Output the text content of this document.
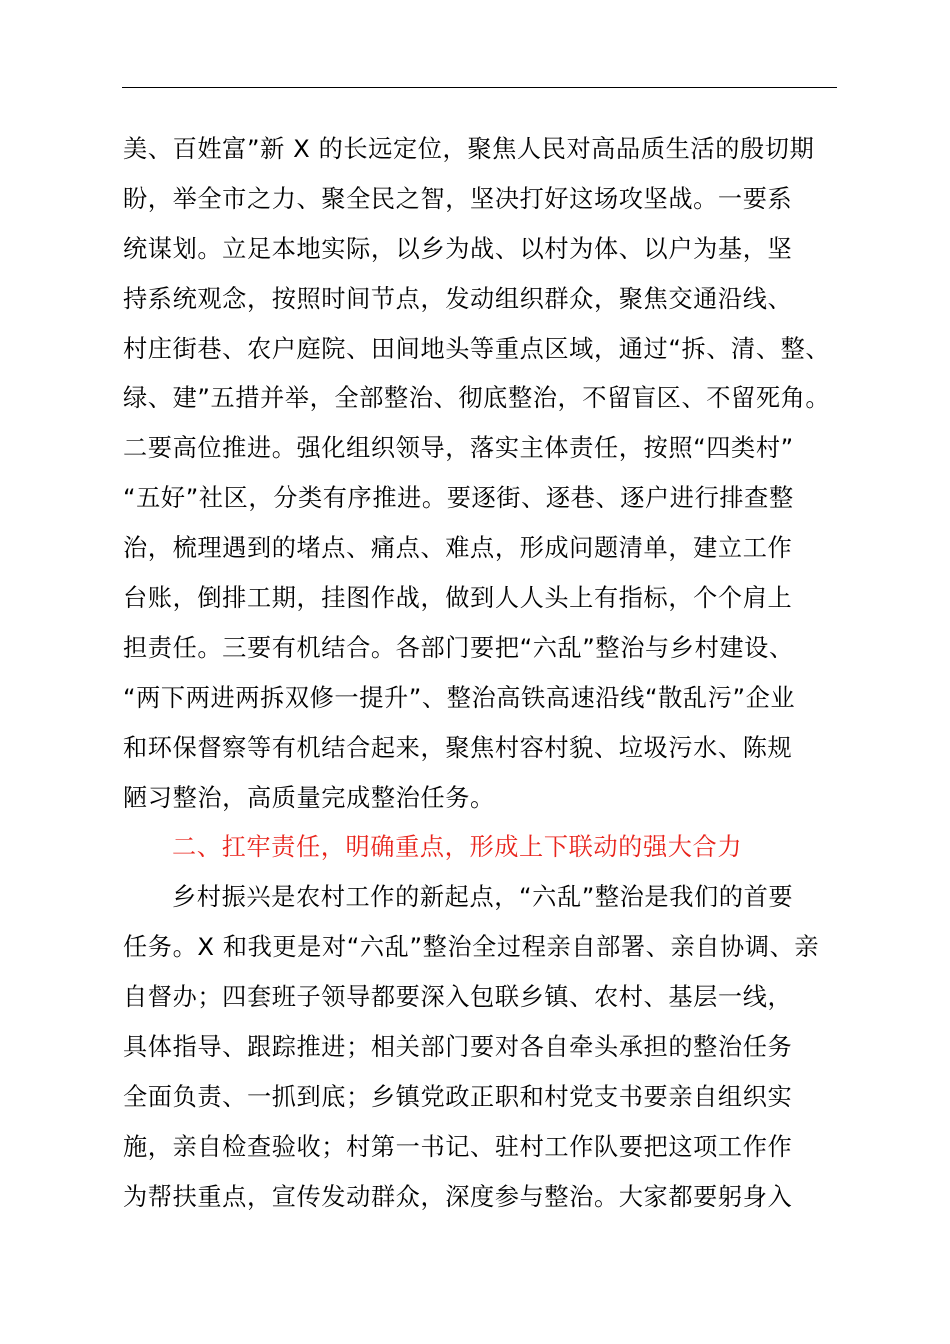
美、百姓富”新 X 的长远定位，聚焦人民对高品质生活的殷切期
盼，举全市之力、聚全民之智，坚决打好这场攻坚战。一要系
统谋划。立足本地实际，以乡为战、以村为体、以户为基，坚
持系统观念，按照时间节点，发动组织群众，聚焦交通沿线、
村庄街巷、农户庭院、田间地头等重点区域，通过“拆、清、整、
绿、建”五措并举，全部整治、彻底整治，不留盲区、不留死角。
二要高位推进。强化组织领导，落实主体责任，按照“四类村”
“五好”社区，分类有序推进。要逐街、逐巷、逐户进行排查整
治，梳理遇到的堵点、痛点、难点，形成问题清单，建立工作
台账，倒排工期，挂图作战，做到人人头上有指标，个个肩上
担责任。三要有机结合。各部门要把“六乱”整治与乡村建设、
“两下两进两拆双修一提升”、整治高铁高速沿线“散乱污”企业
和环保督察等有机结合起来，聚焦村容村貌、垃圾污水、陈规
陋习整治，高质量完成整治任务。
二、扛牢责任，明确重点，形成上下联动的强大合力
乡村振兴是农村工作的新起点，“六乱”整治是我们的首要
任务。X 和我更是对“六乱”整治全过程亲自部署、亲自协调、亲
自督办；四套班子领导都要深入包联乡镇、农村、基层一线，
具体指导、跟踪推进；相关部门要对各自牵头承担的整治任务
全面负责、一抓到底；乡镇党政正职和村党支书要亲自组织实
施，亲自检查验收；村第一书记、驻村工作队要把这项工作作
为帮扶重点，宣传发动群众，深度参与整治。大家都要躬身入
